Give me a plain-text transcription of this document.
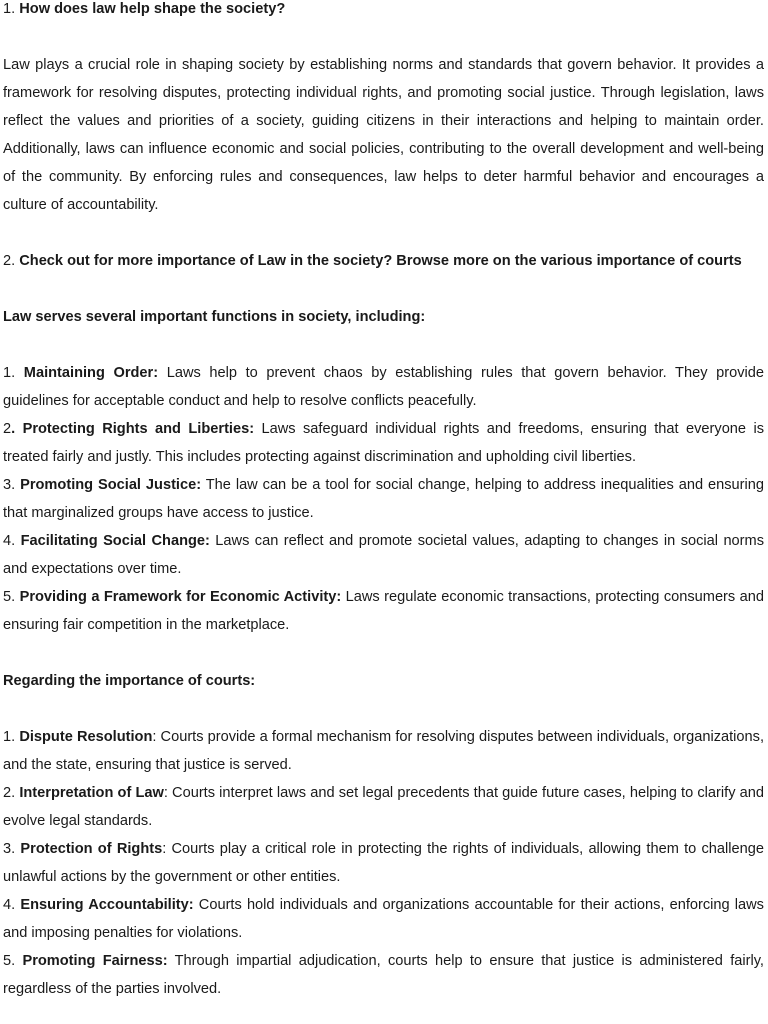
1. How does law help shape the society?

Law plays a crucial role in shaping society by establishing norms and standards that govern behavior. It provides a framework for resolving disputes, protecting individual rights, and promoting social justice. Through legislation, laws reflect the values and priorities of a society, guiding citizens in their interactions and helping to maintain order. Additionally, laws can influence economic and social policies, contributing to the overall development and well-being of the community. By enforcing rules and consequences, law helps to deter harmful behavior and encourages a culture of accountability.

2. Check out for more importance of Law in the society? Browse more on the various importance of courts

Law serves several important functions in society, including:

1. Maintaining Order: Laws help to prevent chaos by establishing rules that govern behavior. They provide guidelines for acceptable conduct and help to resolve conflicts peacefully.

2. Protecting Rights and Liberties: Laws safeguard individual rights and freedoms, ensuring that everyone is treated fairly and justly. This includes protecting against discrimination and upholding civil liberties.

3. Promoting Social Justice: The law can be a tool for social change, helping to address inequalities and ensuring that marginalized groups have access to justice.

4. Facilitating Social Change: Laws can reflect and promote societal values, adapting to changes in social norms and expectations over time.

5. Providing a Framework for Economic Activity: Laws regulate economic transactions, protecting consumers and ensuring fair competition in the marketplace.

Regarding the importance of courts:

1. Dispute Resolution: Courts provide a formal mechanism for resolving disputes between individuals, organizations, and the state, ensuring that justice is served.

2. Interpretation of Law: Courts interpret laws and set legal precedents that guide future cases, helping to clarify and evolve legal standards.

3. Protection of Rights: Courts play a critical role in protecting the rights of individuals, allowing them to challenge unlawful actions by the government or other entities.

4. Ensuring Accountability: Courts hold individuals and organizations accountable for their actions, enforcing laws and imposing penalties for violations.

5. Promoting Fairness: Through impartial adjudication, courts help to ensure that justice is administered fairly, regardless of the parties involved.
